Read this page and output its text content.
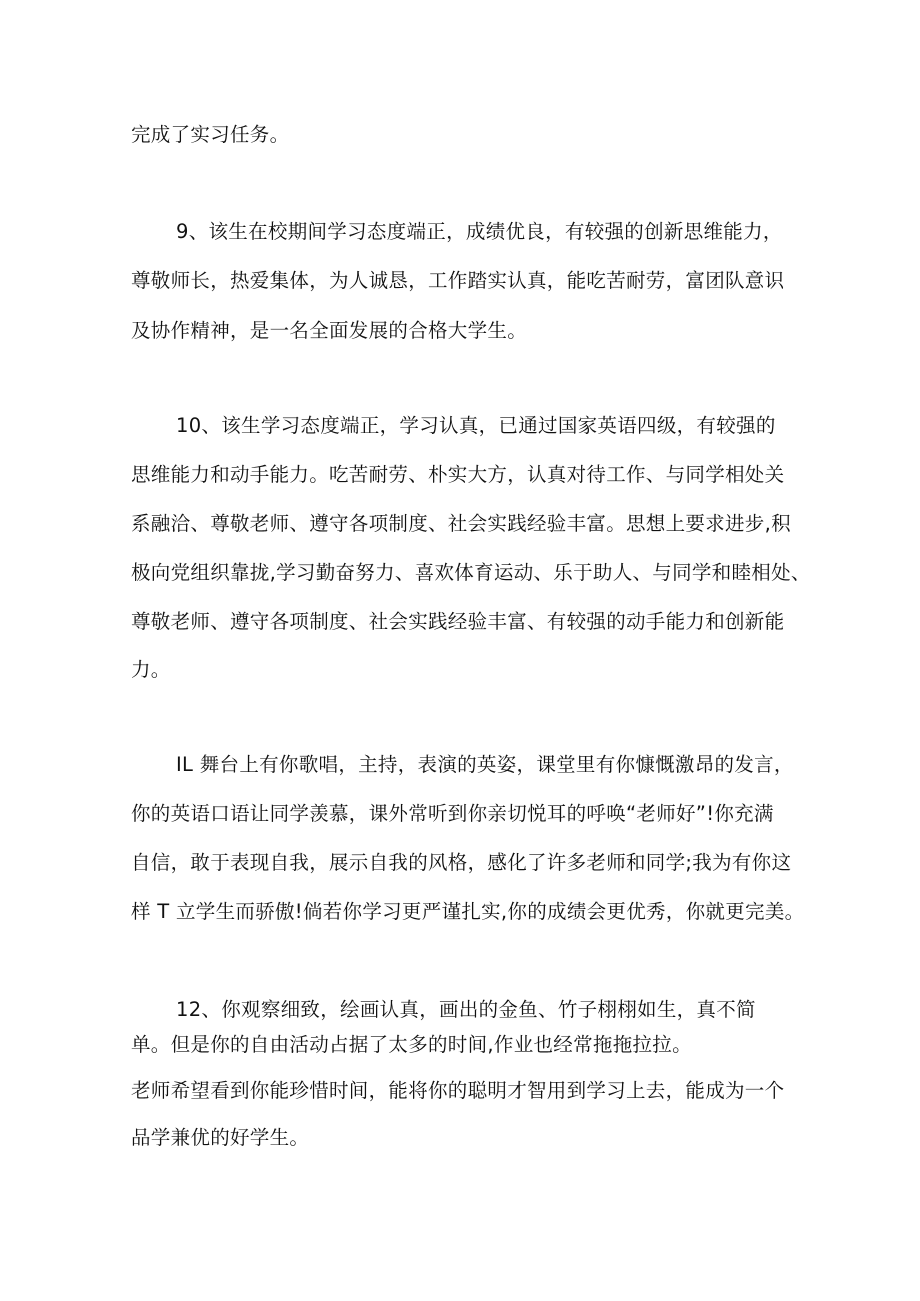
完成了实习任务。
9、该生在校期间学习态度端正，成绩优良，有较强的创新思维能力，
尊敬师长，热爱集体，为人诚恳，工作踏实认真，能吃苦耐劳，富团队意识
及协作精神，是一名全面发展的合格大学生。
10、该生学习态度端正，学习认真，已通过国家英语四级，有较强的
思维能力和动手能力。吃苦耐劳、朴实大方，认真对待工作、与同学相处关
系融洽、尊敬老师、遵守各项制度、社会实践经验丰富。思想上要求进步,积
极向党组织靠拢,学习勤奋努力、喜欢体育运动、乐于助人、与同学和睦相处、
尊敬老师、遵守各项制度、社会实践经验丰富、有较强的动手能力和创新能
力。
IL 舞台上有你歌唱，主持，表演的英姿，课堂里有你慷慨激昂的发言，
你的英语口语让同学羡慕，课外常听到你亲切悦耳的呼唤“老师好”!你充满
自信，敢于表现自我，展示自我的风格，感化了许多老师和同学;我为有你这
样 T 立学生而骄傲!倘若你学习更严谨扎实,你的成绩会更优秀，你就更完美。
12、你观察细致，绘画认真，画出的金鱼、竹子栩栩如生，真不简
单。但是你的自由活动占据了太多的时间,作业也经常拖拖拉拉。
老师希望看到你能珍惜时间，能将你的聪明才智用到学习上去，能成为一个
品学兼优的好学生。
